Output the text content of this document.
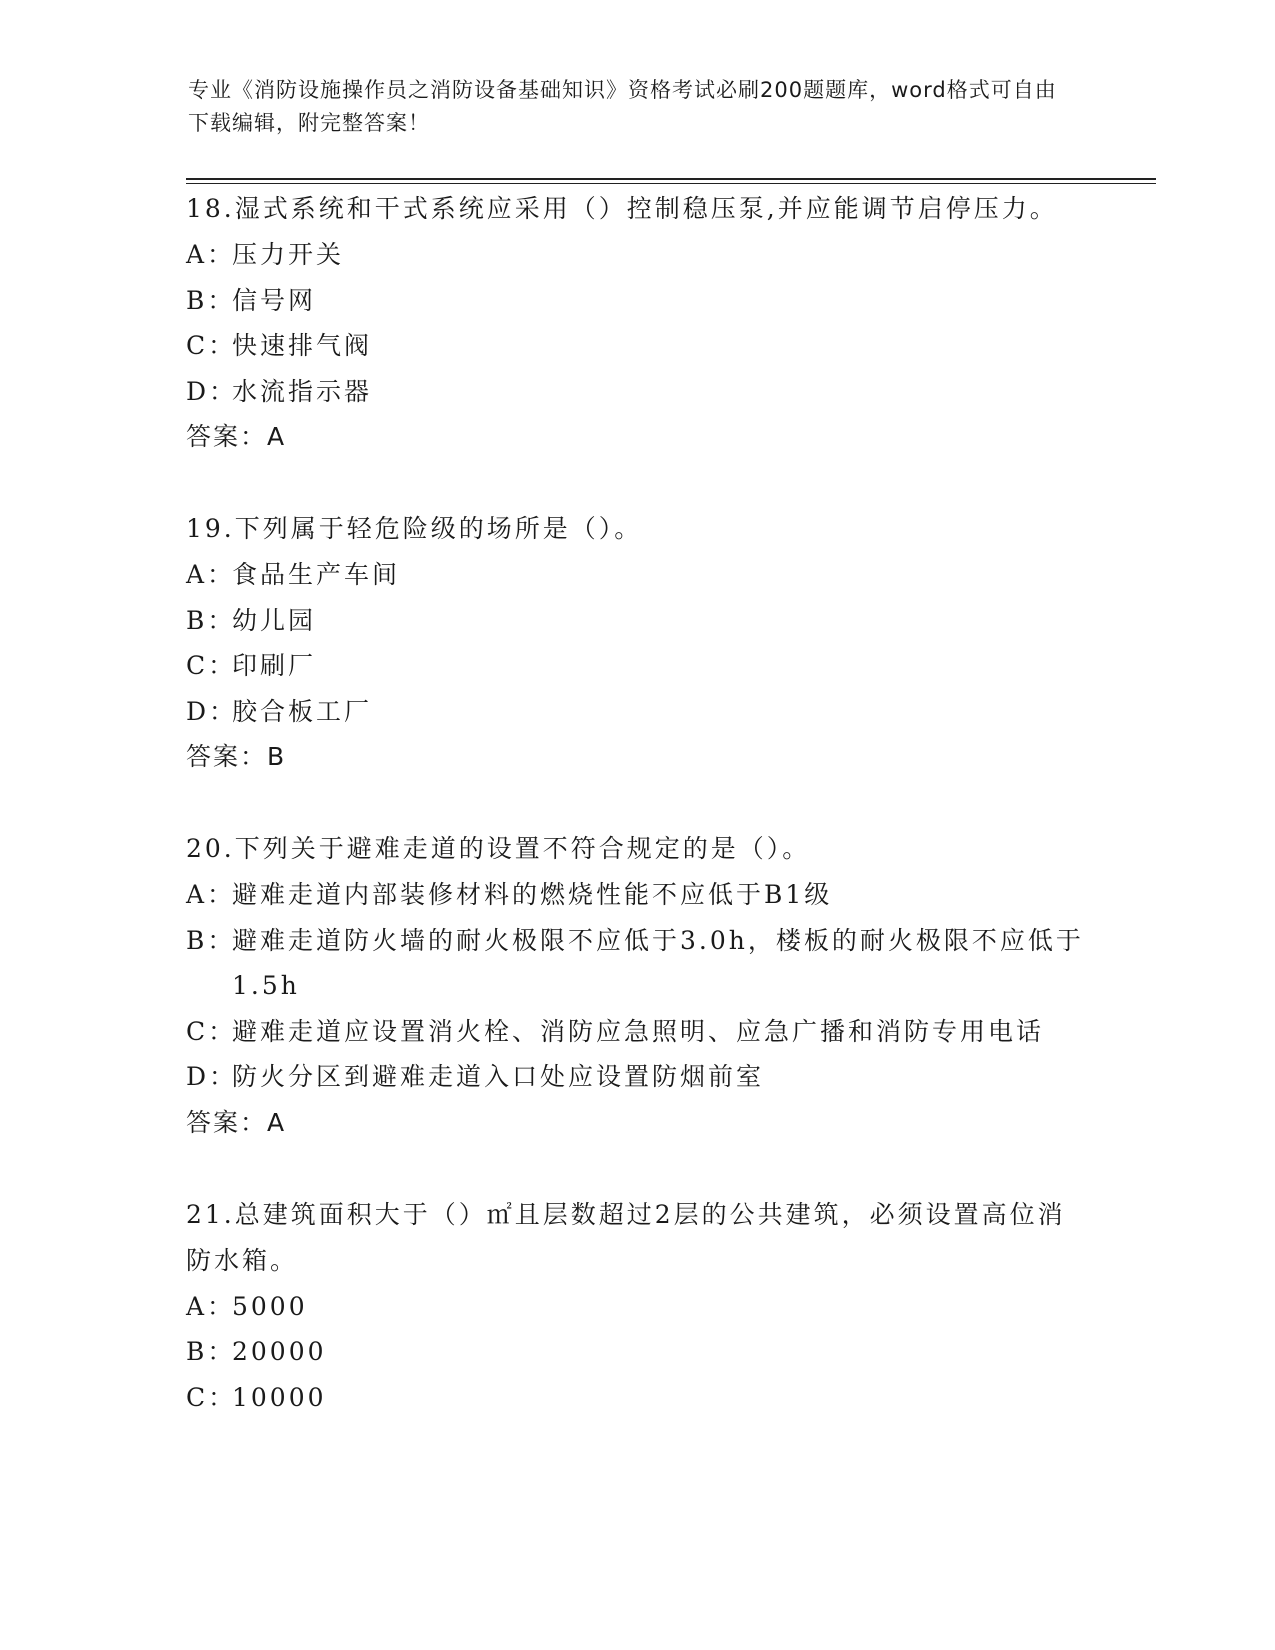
专业《消防设施操作员之消防设备基础知识》资格考试必刷200题题库，word格式可自由下载编辑，附完整答案！
18.湿式系统和干式系统应采用（）控制稳压泵,并应能调节启停压力。
A：
压力开关
B：
信号网
C：
快速排气阀
D：
水流指示器
答案：A
19.下列属于轻危险级的场所是（）。
A：
食品生产车间
B：
幼儿园
C：
印刷厂
D：
胶合板工厂
答案：B
20.下列关于避难走道的设置不符合规定的是（）。
A：
避难走道内部装修材料的燃烧性能不应低于B1级
B：
避难走道防火墙的耐火极限不应低于3.0h，楼板的耐火极限不应低于1.5h
C：
避难走道应设置消火栓、消防应急照明、应急广播和消防专用电话
D：
防火分区到避难走道入口处应设置防烟前室
答案：A
21.总建筑面积大于（）㎡且层数超过2层的公共建筑，必须设置高位消防水箱。
A：
5000
B：
20000
C：
10000
